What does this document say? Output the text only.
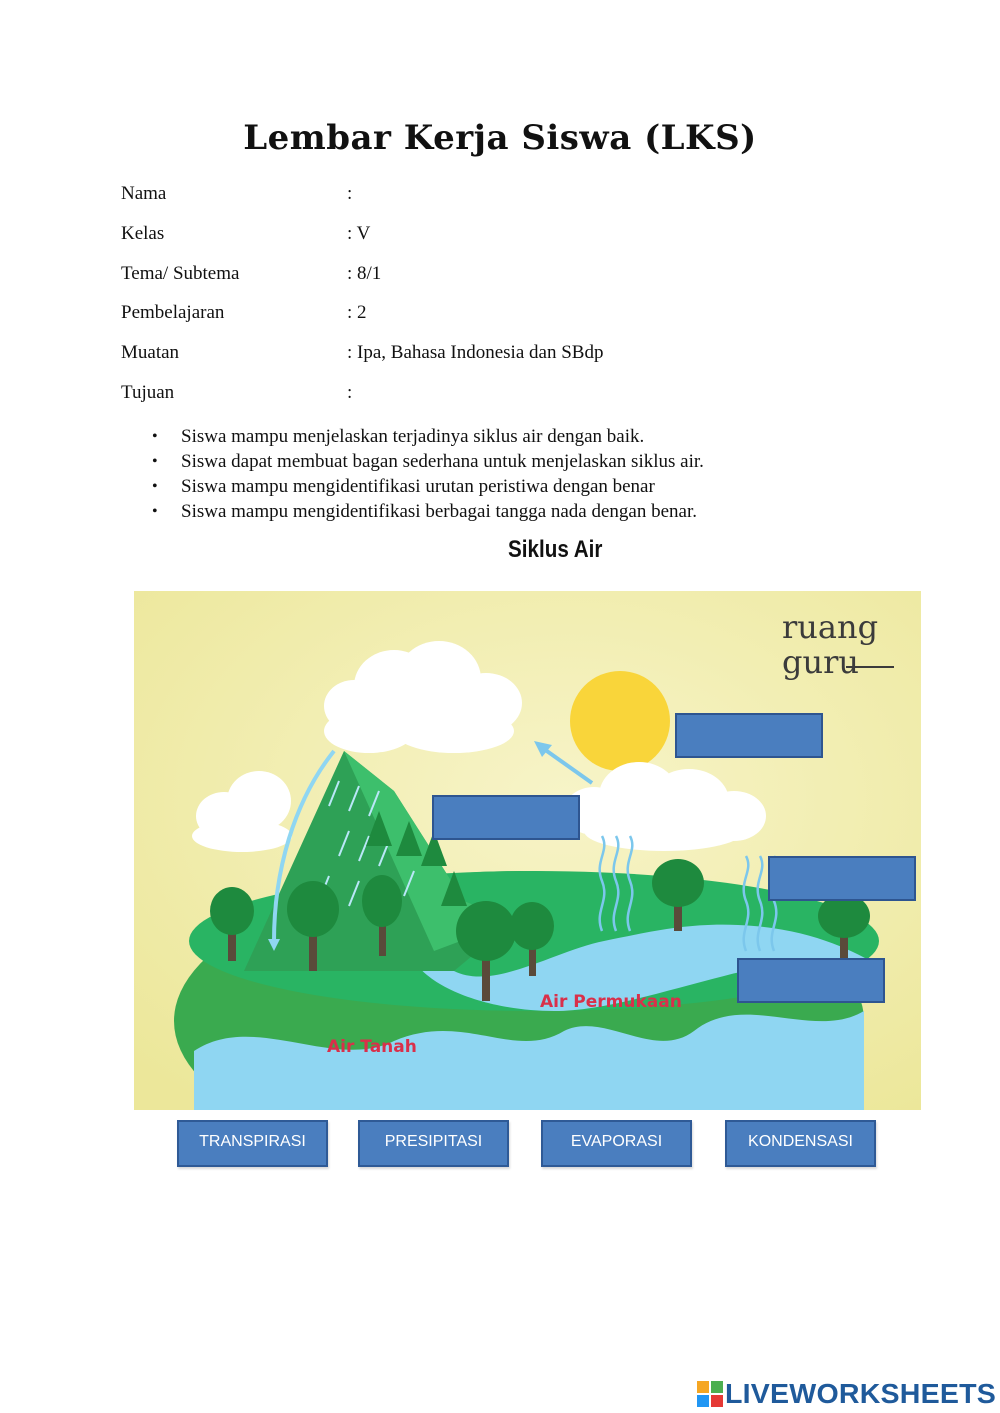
Lembar Kerja Siswa (LKS)
Nama	:
Kelas	: V
Tema/ Subtema	: 8/1
Pembelajaran	: 2
Muatan	: Ipa, Bahasa Indonesia dan SBdp
Tujuan	:
• Siswa mampu menjelaskan terjadinya siklus air dengan baik.
• Siswa dapat membuat bagan sederhana untuk menjelaskan siklus air.
• Siswa mampu mengidentifikasi urutan peristiwa dengan benar
• Siswa mampu mengidentifikasi berbagai tangga nada dengan benar.
Siklus Air
ruang
guru
Air Permukaan
Air Tanah
TRANSPIRASI	PRESIPITASI	EVAPORASI	KONDENSASI
LIVEWORKSHEETS
